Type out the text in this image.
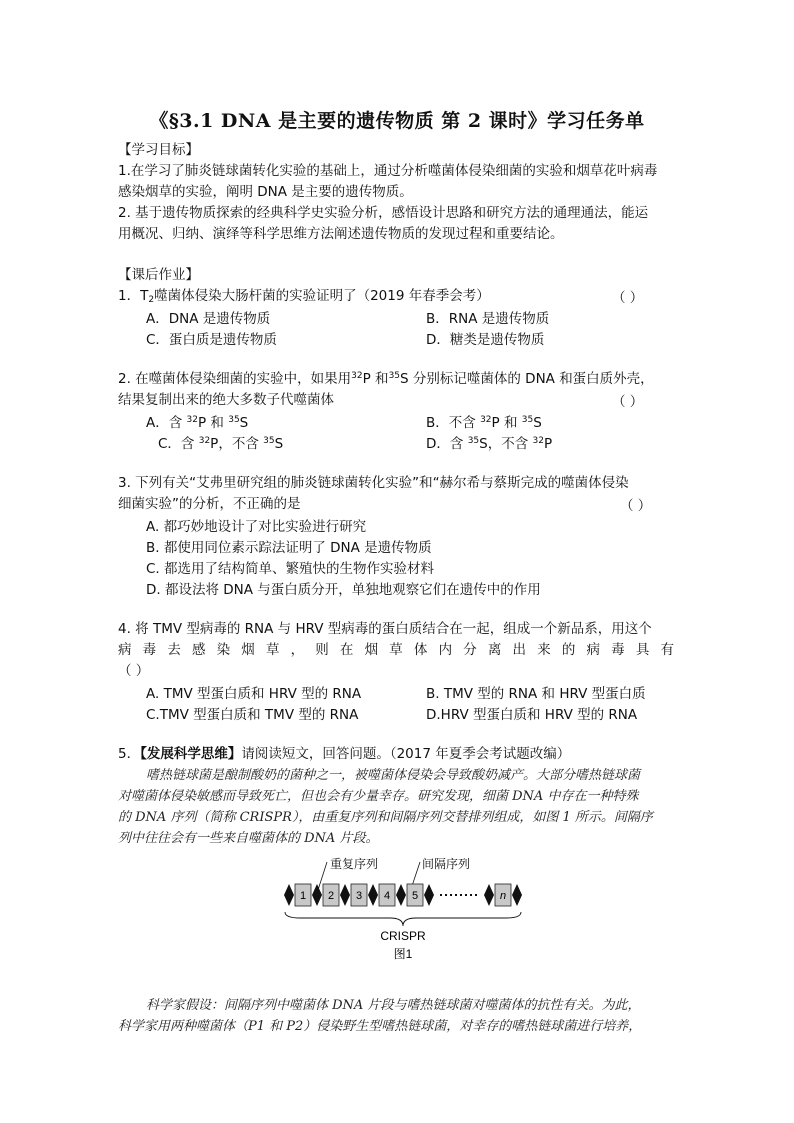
《§3.1 DNA 是主要的遗传物质 第 2 课时》学习任务单
【学习目标】
1.在学习了肺炎链球菌转化实验的基础上，通过分析噬菌体侵染细菌的实验和烟草花叶病毒
感染烟草的实验，阐明 DNA 是主要的遗传物质。
2. 基于遗传物质探索的经典科学史实验分析，感悟设计思路和研究方法的通理通法，能运
用概况、归纳、演绎等科学思维方法阐述遗传物质的发现过程和重要结论。
【课后作业】
1．$T_2$噬菌体侵染大肠杆菌的实验证明了（2019 年春季会考）	（ ）
A．DNA 是遗传物质	B．RNA 是遗传物质
C．蛋白质是遗传物质	D．糖类是遗传物质
2. 在噬菌体侵染细菌的实验中，如果用$^{32}$P 和$^{35}$S 分别标记噬菌体的 DNA 和蛋白质外壳，
结果复制出来的绝大多数子代噬菌体	（ ）
A．含 $^{32}$P 和 $^{35}$S	B．不含 $^{32}$P 和 $^{35}$S
C．含 $^{32}$P，不含 $^{35}$S	D．含 $^{35}$S，不含 $^{32}$P
3. 下列有关“艾弗里研究组的肺炎链球菌转化实验”和“赫尔希与蔡斯完成的噬菌体侵染
细菌实验”的分析，不正确的是	（ ）
A. 都巧妙地设计了对比实验进行研究
B. 都使用同位素示踪法证明了 DNA 是遗传物质
C. 都选用了结构简单、繁殖快的生物作实验材料
D. 都设法将 DNA 与蛋白质分开，单独地观察它们在遗传中的作用
4. 将 TMV 型病毒的 RNA 与 HRV 型病毒的蛋白质结合在一起，组成一个新品系，用这个
病毒去感染烟草，则在烟草体内分离出来的病毒具有
（ ）
A. TMV 型蛋白质和 HRV 型的 RNA	B. TMV 型的 RNA 和 HRV 型蛋白质
C.TMV 型蛋白质和 TMV 型的 RNA	D.HRV 型蛋白质和 HRV 型的 RNA
5．【发展科学思维】请阅读短文，回答问题。（2017 年夏季会考试题改编）
嗜热链球菌是酿制酸奶的菌种之一，被噬菌体侵染会导致酸奶减产。大部分嗜热链球菌
对噬菌体侵染敏感而导致死亡，但也会有少量幸存。研究发现，细菌 DNA 中存在一种特殊
的 DNA 序列（简称 CRISPR），由重复序列和间隔序列交替排列组成，如图 1 所示。间隔序
列中往往会有一些来自噬菌体的 DNA 片段。
重复序列	间隔序列
1 2 3 4 5	n
CRISPR
图1
科学家假设：间隔序列中噬菌体 DNA 片段与嗜热链球菌对噬菌体的抗性有关。为此，
科学家用两种噬菌体（P1 和 P2）侵染野生型嗜热链球菌，对幸存的嗜热链球菌进行培养，
